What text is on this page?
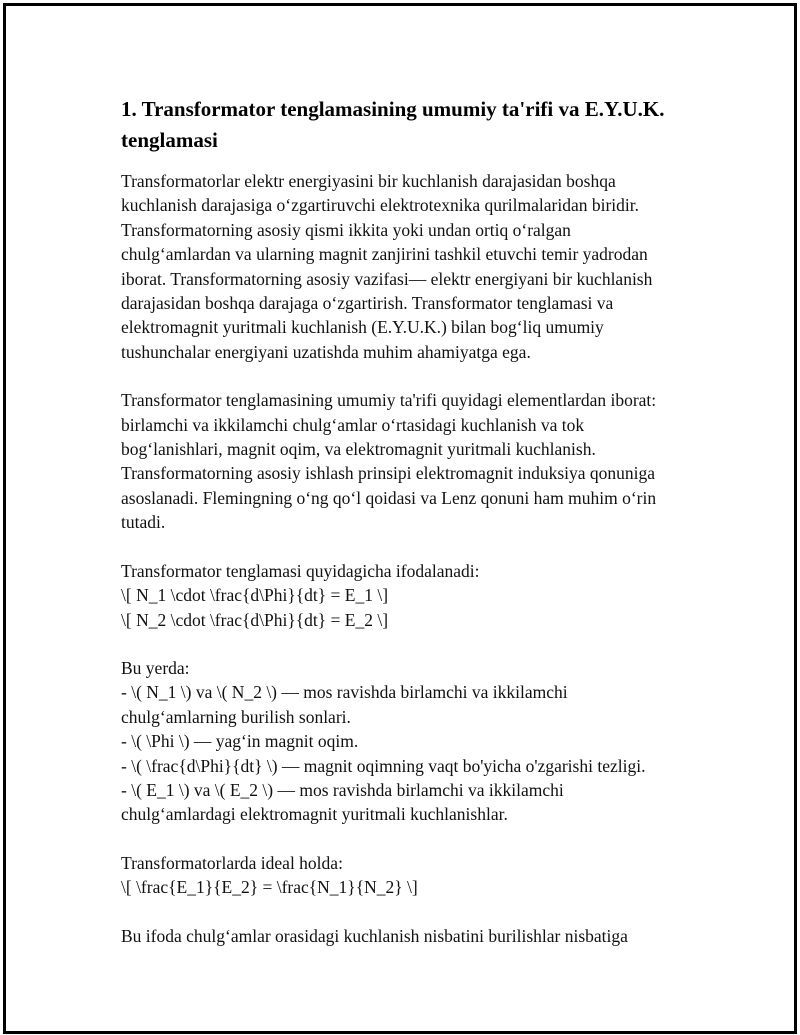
1. Transformator tenglamasining umumiy ta'rifi va E.Y.U.K. tenglamasi

Transformatorlar elektr energiyasini bir kuchlanish darajasidan boshqa
kuchlanish darajasiga o‘zgartiruvchi elektrotexnika qurilmalaridan biridir.
Transformatorning asosiy qismi ikkita yoki undan ortiq o‘ralgan
chulg‘amlardan va ularning magnit zanjirini tashkil etuvchi temir yadrodan
iborat. Transformatorning asosiy vazifasi— elektr energiyani bir kuchlanish
darajasidan boshqa darajaga o‘zgartirish. Transformator tenglamasi va
elektromagnit yuritmali kuchlanish (E.Y.U.K.) bilan bog‘liq umumiy
tushunchalar energiyani uzatishda muhim ahamiyatga ega.

Transformator tenglamasining umumiy ta'rifi quyidagi elementlardan iborat:
birlamchi va ikkilamchi chulg‘amlar o‘rtasidagi kuchlanish va tok
bog‘lanishlari, magnit oqim, va elektromagnit yuritmali kuchlanish.
Transformatorning asosiy ishlash prinsipi elektromagnit induksiya qonuniga
asoslanadi. Flemingning o‘ng qo‘l qoidasi va Lenz qonuni ham muhim o‘rin
tutadi.

Transformator tenglamasi quyidagicha ifodalanadi:
\[ N_1 \cdot \frac{d\Phi}{dt} = E_1 \]
\[ N_2 \cdot \frac{d\Phi}{dt} = E_2 \]

Bu yerda:
- \( N_1 \) va \( N_2 \) — mos ravishda birlamchi va ikkilamchi
chulg‘amlarning burilish sonlari.
- \( \Phi \) — yag‘in magnit oqim.
- \( \frac{d\Phi}{dt} \) — magnit oqimning vaqt bo'yicha o'zgarishi tezligi.
- \( E_1 \) va \( E_2 \) — mos ravishda birlamchi va ikkilamchi
chulg‘amlardagi elektromagnit yuritmali kuchlanishlar.

Transformatorlarda ideal holda:
\[ \frac{E_1}{E_2} = \frac{N_1}{N_2} \]

Bu ifoda chulg‘amlar orasidagi kuchlanish nisbatini burilishlar nisbatiga
